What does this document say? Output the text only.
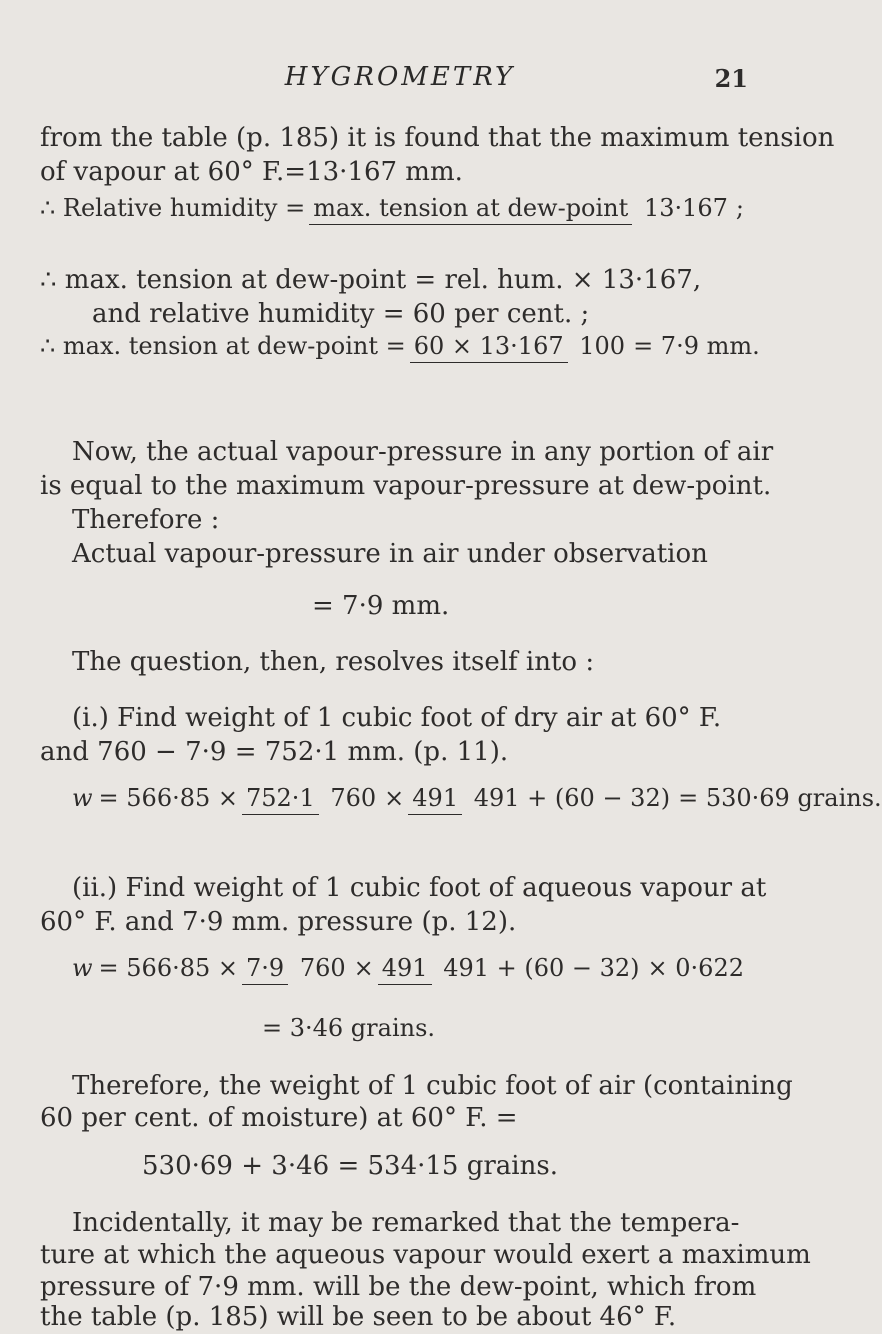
HYGROMETRY	21
from the table (p. 185) it is found that the maximum tension
of vapour at 60° F.=13·167 mm.
∴ Relative humidity = max. tension at dew-point 13·167 ;
∴ max. tension at dew-point = rel. hum. × 13·167,
and relative humidity = 60 per cent. ;
∴ max. tension at dew-point = 60 × 13·167 100 = 7·9 mm.
Now, the actual vapour-pressure in any portion of air
is equal to the maximum vapour-pressure at dew-point.
Therefore :
Actual vapour-pressure in air under observation
= 7·9 mm.
The question, then, resolves itself into :
(i.) Find weight of 1 cubic foot of dry air at 60° F.
and 760 − 7·9 = 752·1 mm. (p. 11).
w = 566·85 × 752·1 760 × 491 491 + (60 − 32) = 530·69 grains.
(ii.) Find weight of 1 cubic foot of aqueous vapour at
60° F. and 7·9 mm. pressure (p. 12).
w = 566·85 × 7·9 760 × 491 491 + (60 − 32) × 0·622
= 3·46 grains.
Therefore, the weight of 1 cubic foot of air (containing
60 per cent. of moisture) at 60° F. =
530·69 + 3·46 = 534·15 grains.
Incidentally, it may be remarked that the tempera-
ture at which the aqueous vapour would exert a maximum
pressure of 7·9 mm. will be the dew-point, which from
the table (p. 185) will be seen to be about 46° F.
